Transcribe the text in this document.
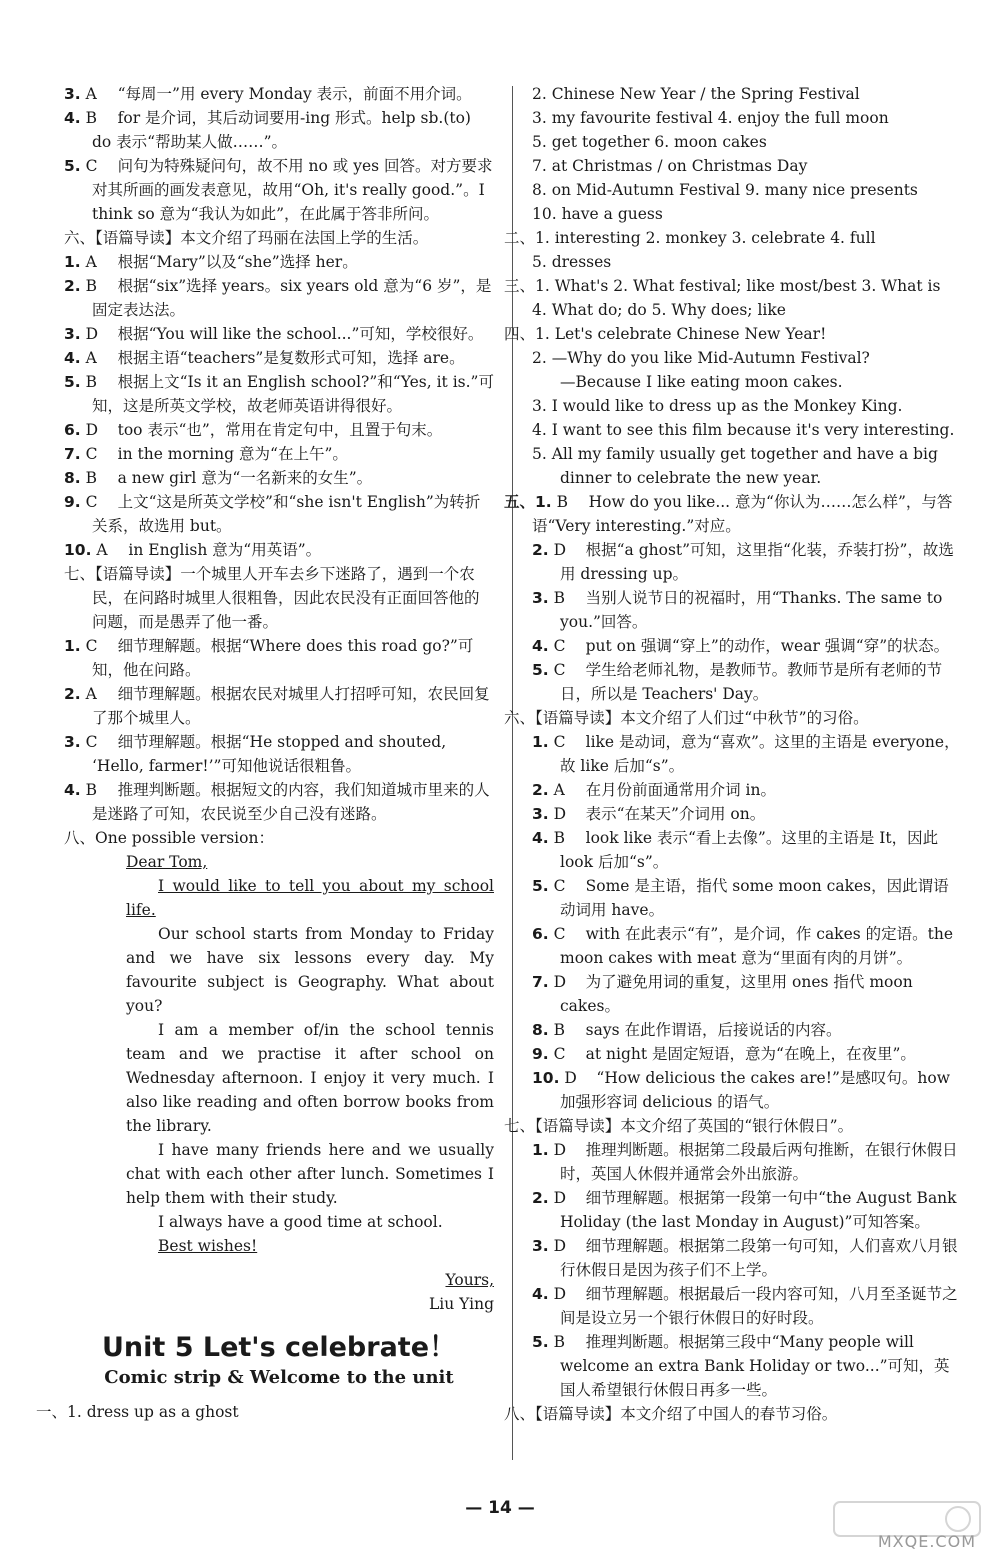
3. A “每周一”用 every Monday 表示，前面不用介词。

4. B for 是介词，其后动词要用-ing 形式。help sb.(to) do 表示“帮助某人做……”。

5. C 问句为特殊疑问句，故不用 no 或 yes 回答。对方要求对其所画的画发表意见，故用“Oh, it's really good.”。I think so 意为“我认为如此”，在此属于答非所问。

六、【语篇导读】本文介绍了玛丽在法国上学的生活。

1. A 根据“Mary”以及“she”选择 her。

2. B 根据“six”选择 years。six years old 意为“6 岁”，是固定表达法。

3. D 根据“You will like the school...”可知，学校很好。

4. A 根据主语“teachers”是复数形式可知，选择 are。

5. B 根据上文“Is it an English school?”和“Yes, it is.”可知，这是所英文学校，故老师英语讲得很好。

6. D too 表示“也”，常用在肯定句中，且置于句末。

7. C in the morning 意为“在上午”。

8. B a new girl 意为“一名新来的女生”。

9. C 上文“这是所英文学校”和“she isn't English”为转折关系，故选用 but。

10. A in English 意为“用英语”。

七、【语篇导读】一个城里人开车去乡下迷路了，遇到一个农民，在问路时城里人很粗鲁，因此农民没有正面回答他的问题，而是愚弄了他一番。

1. C 细节理解题。根据“Where does this road go?”可知，他在问路。

2. A 细节理解题。根据农民对城里人打招呼可知，农民回复了那个城里人。

3. C 细节理解题。根据“He stopped and shouted, ‘Hello, farmer!’”可知他说话很粗鲁。

4. B 推理判断题。根据短文的内容，我们知道城市里来的人是迷路了可知，农民说至少自己没有迷路。

八、One possible version：

Dear Tom,

I would like to tell you about my school life.

Our school starts from Monday to Friday and we have six lessons every day. My favourite subject is Geography. What about you?

I am a member of/in the school tennis team and we practise it after school on Wednesday afternoon. I enjoy it very much. I also like reading and often borrow books from the library.

I have many friends here and we usually chat with each other after lunch. Sometimes I help them with their study.

I always have a good time at school.

Best wishes!

Yours,

Liu Ying

Unit 5 Let's celebrate！
Comic strip & Welcome to the unit

一、1. dress up as a ghost

2. Chinese New Year / the Spring Festival

3. my favourite festival 4. enjoy the full moon

5. get together 6. moon cakes

7. at Christmas / on Christmas Day

8. on Mid-Autumn Festival 9. many nice presents

10. have a guess

二、1. interesting 2. monkey 3. celebrate 4. full

5. dresses

三、1. What's 2. What festival; like most/best 3. What is 4. What do; do 5. Why does; like

四、1. Let's celebrate Chinese New Year!

2. —Why do you like Mid-Autumn Festival?

—Because I like eating moon cakes.

3. I would like to dress up as the Monkey King.

4. I want to see this film because it's very interesting.

5. All my family usually get together and have a big dinner to celebrate the new year.

五、1. B How do you like... 意为“你认为……怎么样”，与答语“Very interesting.”对应。

2. D 根据“a ghost”可知，这里指“化装，乔装打扮”，故选用 dressing up。

3. B 当别人说节日的祝福时，用“Thanks. The same to you.”回答。

4. C put on 强调“穿上”的动作，wear 强调“穿”的状态。

5. C 学生给老师礼物，是教师节。教师节是所有老师的节日，所以是 Teachers' Day。

六、【语篇导读】本文介绍了人们过“中秋节”的习俗。

1. C like 是动词，意为“喜欢”。这里的主语是 everyone，故 like 后加“s”。

2. A 在月份前面通常用介词 in。

3. D 表示“在某天”介词用 on。

4. B look like 表示“看上去像”。这里的主语是 It，因此 look 后加“s”。

5. C Some 是主语，指代 some moon cakes，因此谓语动词用 have。

6. C with 在此表示“有”，是介词，作 cakes 的定语。the moon cakes with meat 意为“里面有肉的月饼”。

7. D 为了避免用词的重复，这里用 ones 指代 moon cakes。

8. B says 在此作谓语，后接说话的内容。

9. C at night 是固定短语，意为“在晚上，在夜里”。

10. D “How delicious the cakes are!”是感叹句。how 加强形容词 delicious 的语气。

七、【语篇导读】本文介绍了英国的“银行休假日”。

1. D 推理判断题。根据第二段最后两句推断，在银行休假日时，英国人休假并通常会外出旅游。

2. D 细节理解题。根据第一段第一句中“the August Bank Holiday (the last Monday in August)”可知答案。

3. D 细节理解题。根据第二段第一句可知，人们喜欢八月银行休假日是因为孩子们不上学。

4. D 细节理解题。根据最后一段内容可知，八月至圣诞节之间是设立另一个银行休假日的好时段。

5. B 推理判断题。根据第三段中“Many people will welcome an extra Bank Holiday or two...”可知，英国人希望银行休假日再多一些。

八、【语篇导读】本文介绍了中国人的春节习俗。

— 14 —
MXQE.COM
